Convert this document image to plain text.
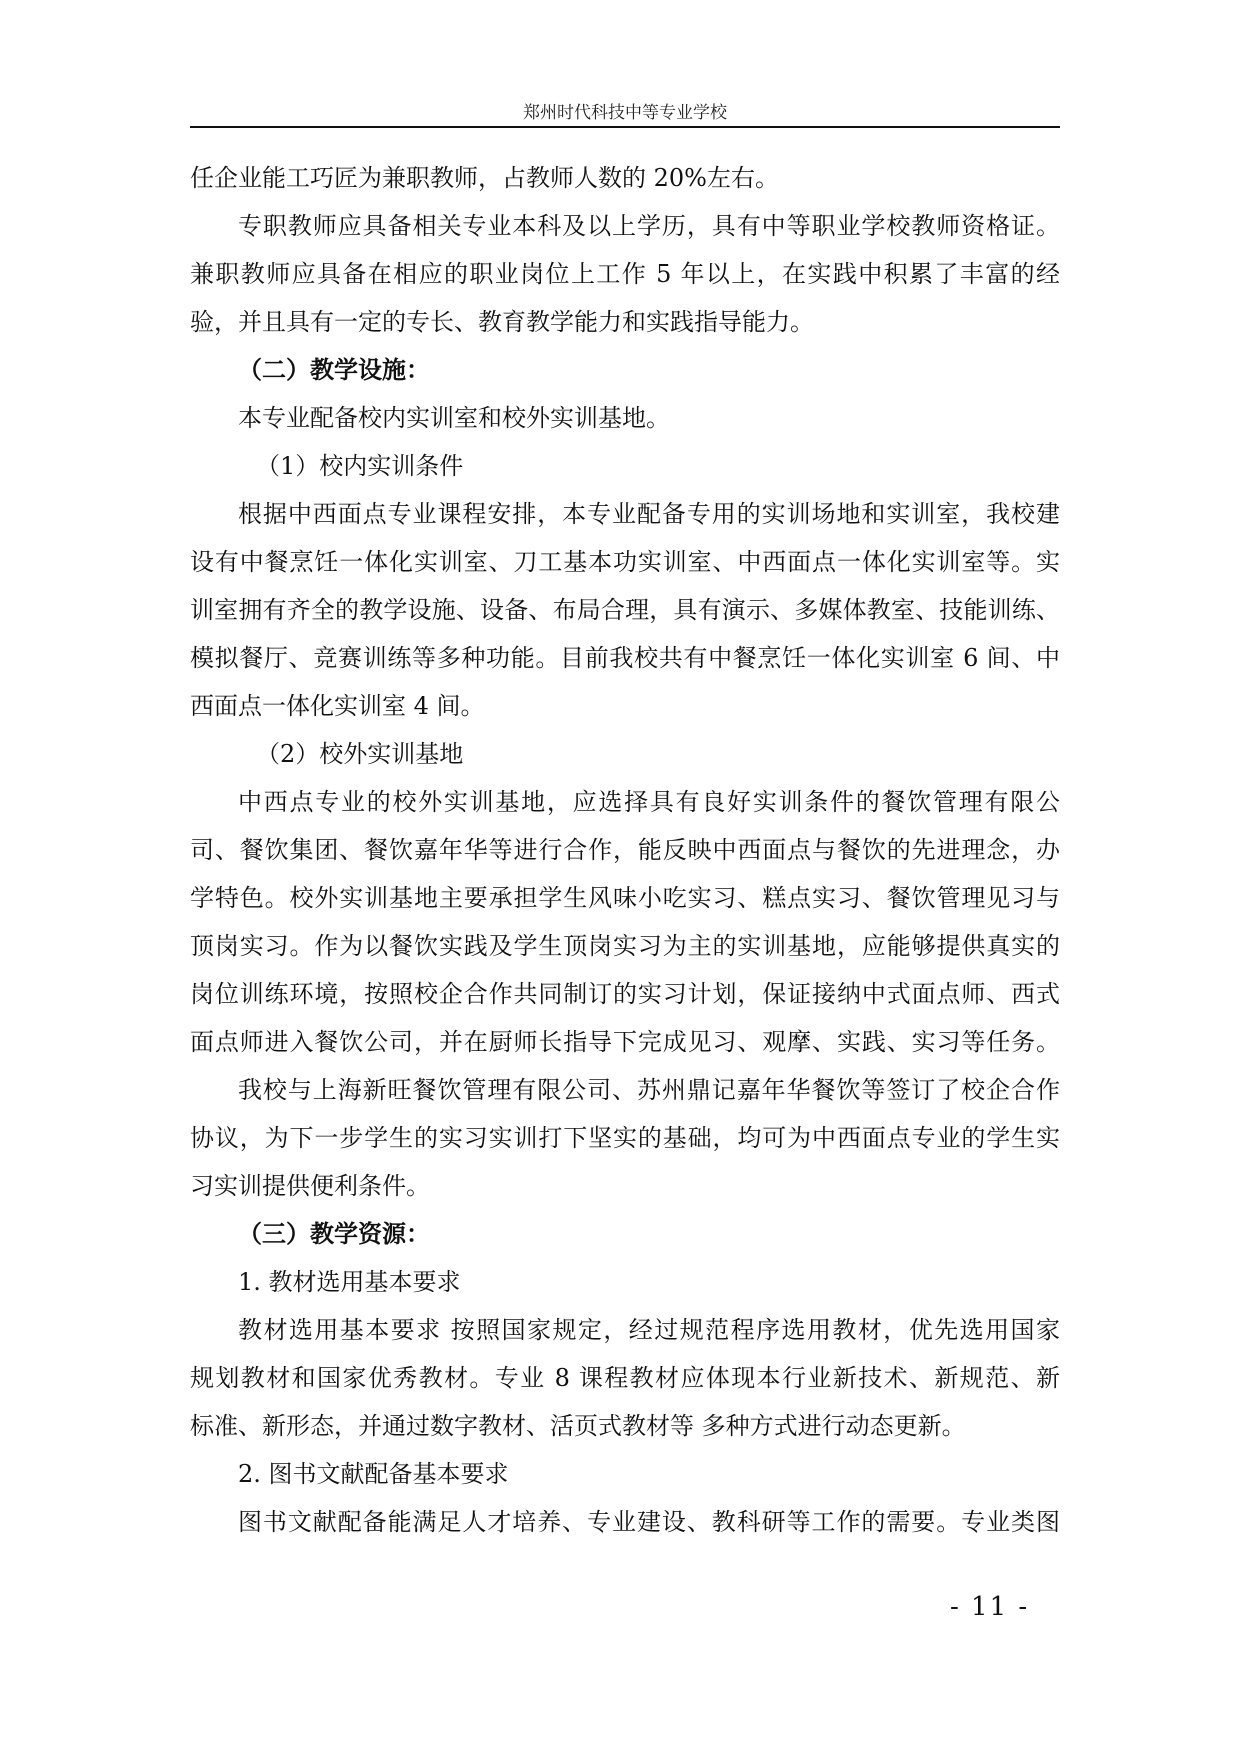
郑州时代科技中等专业学校
任企业能工巧匠为兼职教师，占教师人数的 20%左右。
专职教师应具备相关专业本科及以上学历，具有中等职业学校教师资格证。
兼职教师应具备在相应的职业岗位上工作 5 年以上，在实践中积累了丰富的经
验，并且具有一定的专长、教育教学能力和实践指导能力。
（二）教学设施：
本专业配备校内实训室和校外实训基地。
（1）校内实训条件
根据中西面点专业课程安排，本专业配备专用的实训场地和实训室，我校建
设有中餐烹饪一体化实训室、刀工基本功实训室、中西面点一体化实训室等。实
训室拥有齐全的教学设施、设备、布局合理，具有演示、多媒体教室、技能训练、
模拟餐厅、竞赛训练等多种功能。目前我校共有中餐烹饪一体化实训室 6 间、中
西面点一体化实训室 4 间。
（2）校外实训基地
中西点专业的校外实训基地，应选择具有良好实训条件的餐饮管理有限公
司、餐饮集团、餐饮嘉年华等进行合作，能反映中西面点与餐饮的先进理念，办
学特色。校外实训基地主要承担学生风味小吃实习、糕点实习、餐饮管理见习与
顶岗实习。作为以餐饮实践及学生顶岗实习为主的实训基地，应能够提供真实的
岗位训练环境，按照校企合作共同制订的实习计划，保证接纳中式面点师、西式
面点师进入餐饮公司，并在厨师长指导下完成见习、观摩、实践、实习等任务。
我校与上海新旺餐饮管理有限公司、苏州鼎记嘉年华餐饮等签订了校企合作
协议，为下一步学生的实习实训打下坚实的基础，均可为中西面点专业的学生实
习实训提供便利条件。
（三）教学资源：
1. 教材选用基本要求
教材选用基本要求 按照国家规定，经过规范程序选用教材，优先选用国家
规划教材和国家优秀教材。专业 8 课程教材应体现本行业新技术、新规范、新
标准、新形态，并通过数字教材、活页式教材等 多种方式进行动态更新。
2. 图书文献配备基本要求
图书文献配备能满足人才培养、专业建设、教科研等工作的需要。专业类图
- 11 -
